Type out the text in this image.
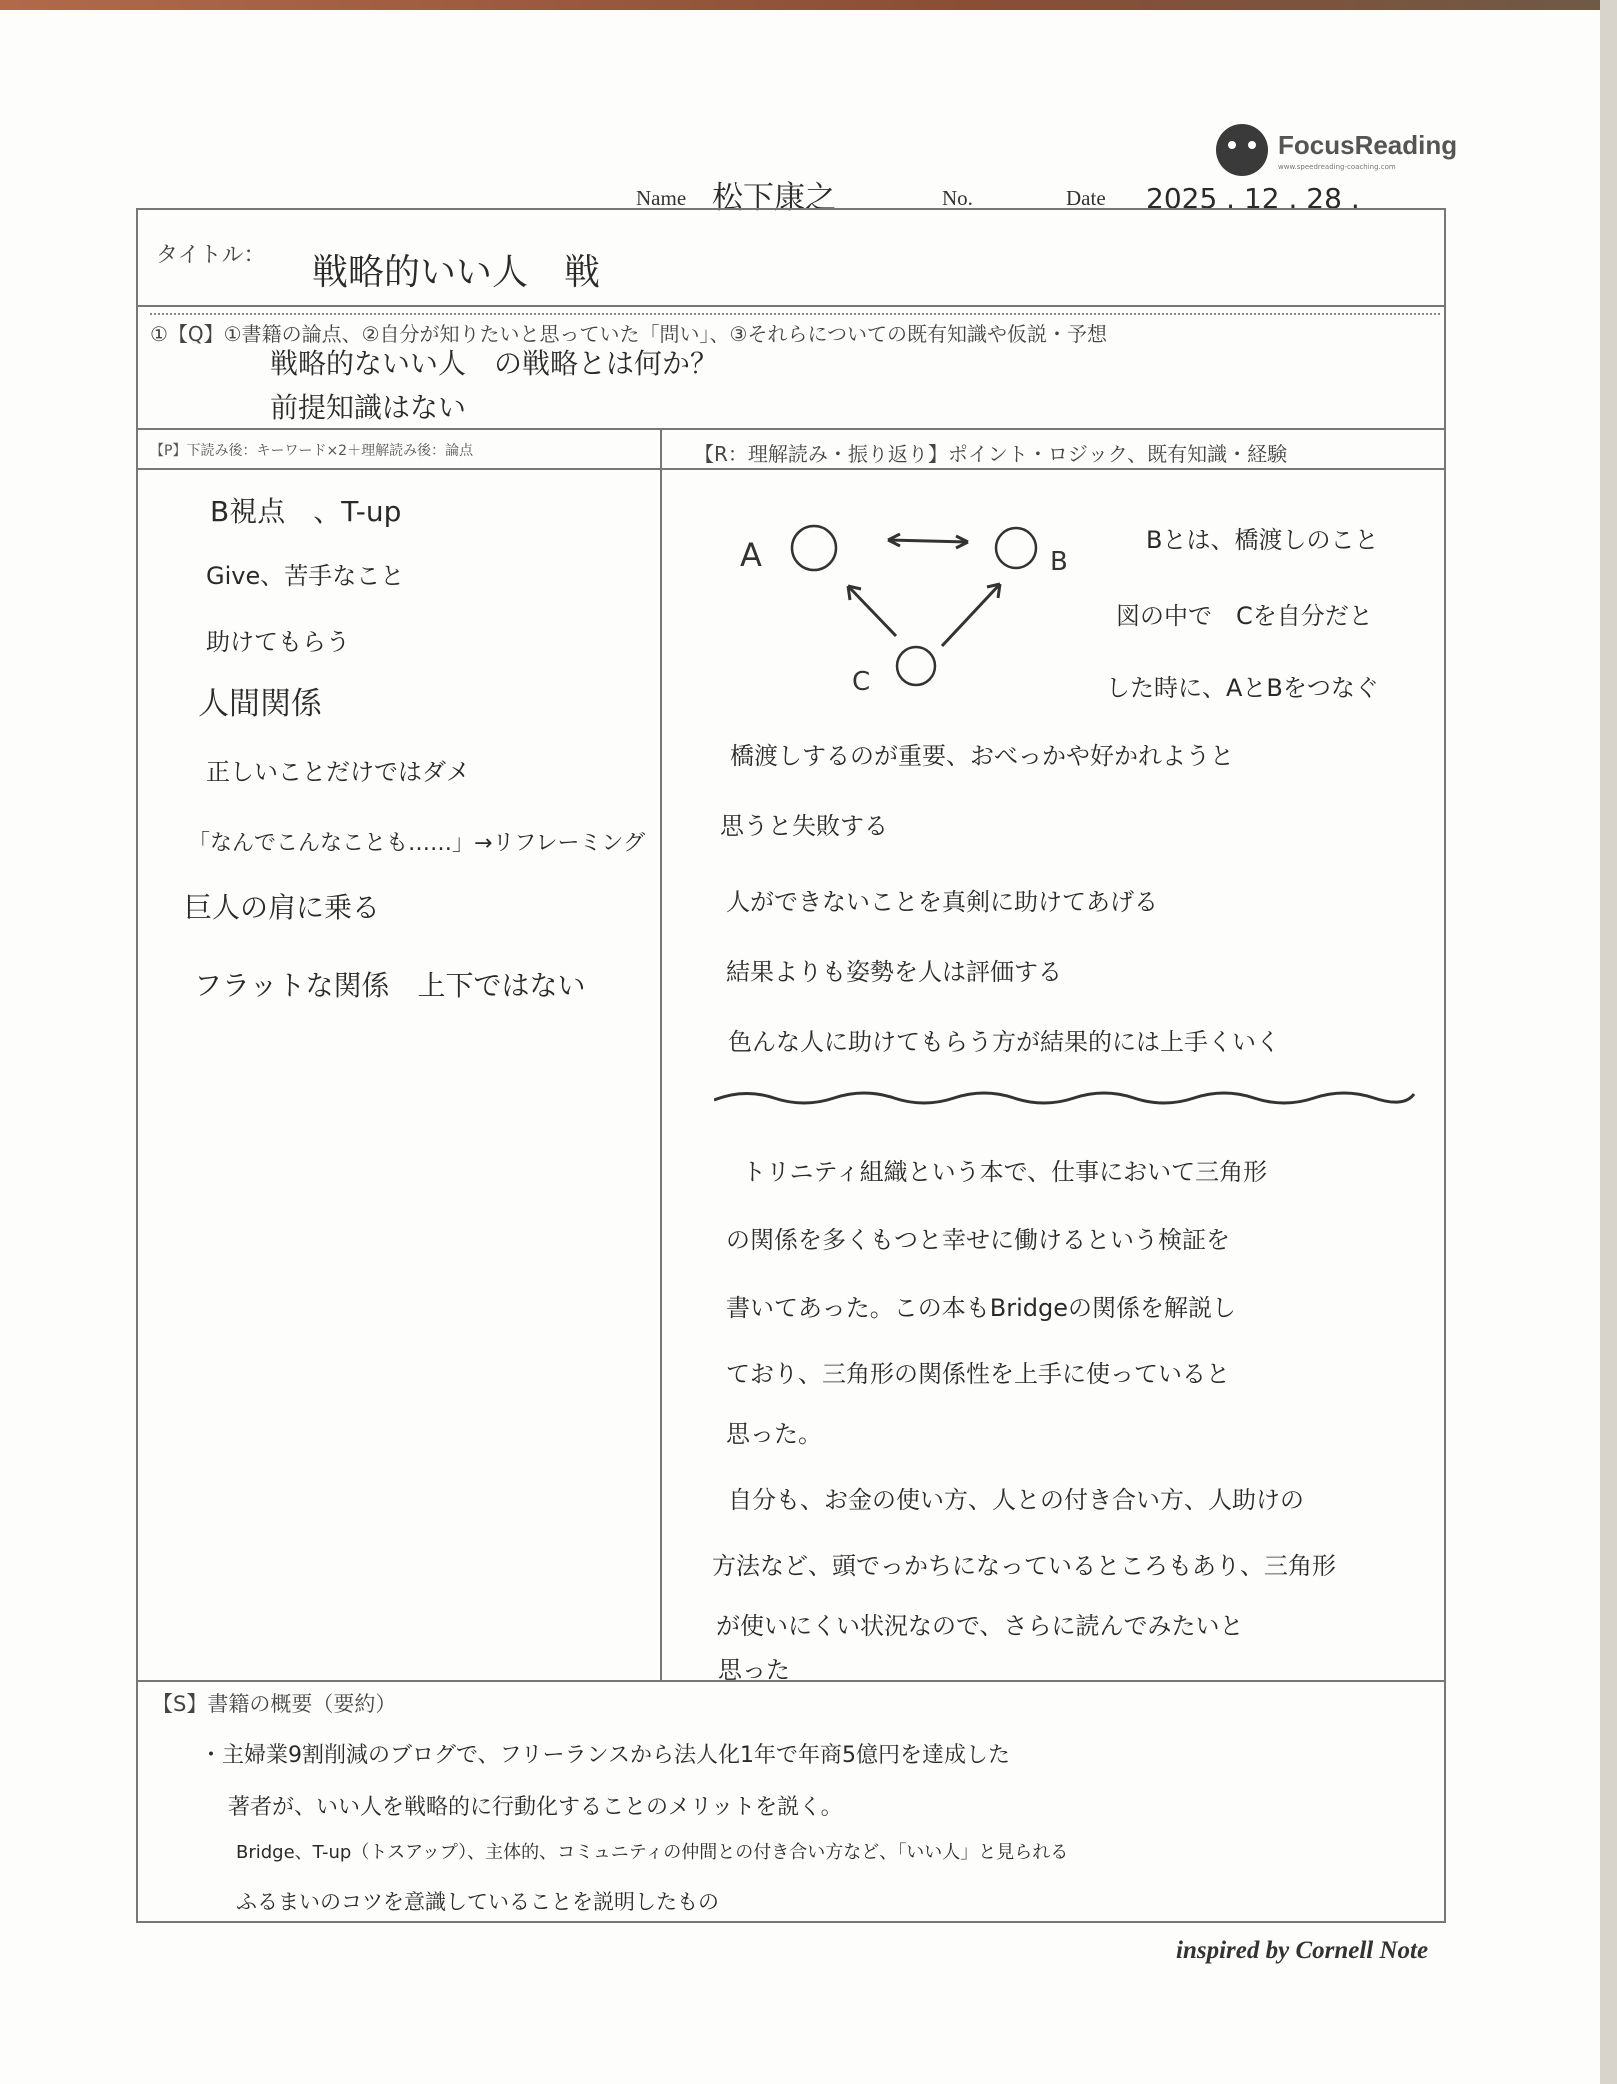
FocusReading
www.speedreading-coaching.com
Name 松下康之	No.	Date 2025 . 12 . 28 .
タイトル： 戦略的いい人　戦
①【Q】①書籍の論点、②自分が知りたいと思っていた「問い」、③それらについての既有知識や仮説・予想
戦略的ないい人　の戦略とは何か？
前提知識はない
【P】下読み後：キーワード×2＋理解読み後：論点
B視点　、T-up
Give、苦手なこと
助けてもらう
人間関係
正しいことだけではダメ
「なんでこんなことも……」→リフレーミング
巨人の肩に乗る
フラットな関係　上下ではない
【R：理解読み・振り返り】ポイント・ロジック、既有知識・経験
A	B
C
Bとは、橋渡しのこと
図の中で　Cを自分だと
した時に、AとBをつなぐ
橋渡しするのが重要、おべっかや好かれようと
思うと失敗する
人ができないことを真剣に助けてあげる
結果よりも姿勢を人は評価する
色んな人に助けてもらう方が結果的には上手くいく
トリニティ組織という本で、仕事において三角形
の関係を多くもつと幸せに働けるという検証を
書いてあった。この本もBridgeの関係を解説し
ており、三角形の関係性を上手に使っていると
思った。
自分も、お金の使い方、人との付き合い方、人助けの
方法など、頭でっかちになっているところもあり、三角形
が使いにくい状況なので、さらに読んでみたいと
思った
【S】書籍の概要（要約）
・主婦業9割削減のブログで、フリーランスから法人化1年で年商5億円を達成した
著者が、いい人を戦略的に行動化することのメリットを説く。
Bridge、T-up（トスアップ）、主体的、コミュニティの仲間との付き合い方など、「いい人」と見られる
ふるまいのコツを意識していることを説明したもの
inspired by Cornell Note
